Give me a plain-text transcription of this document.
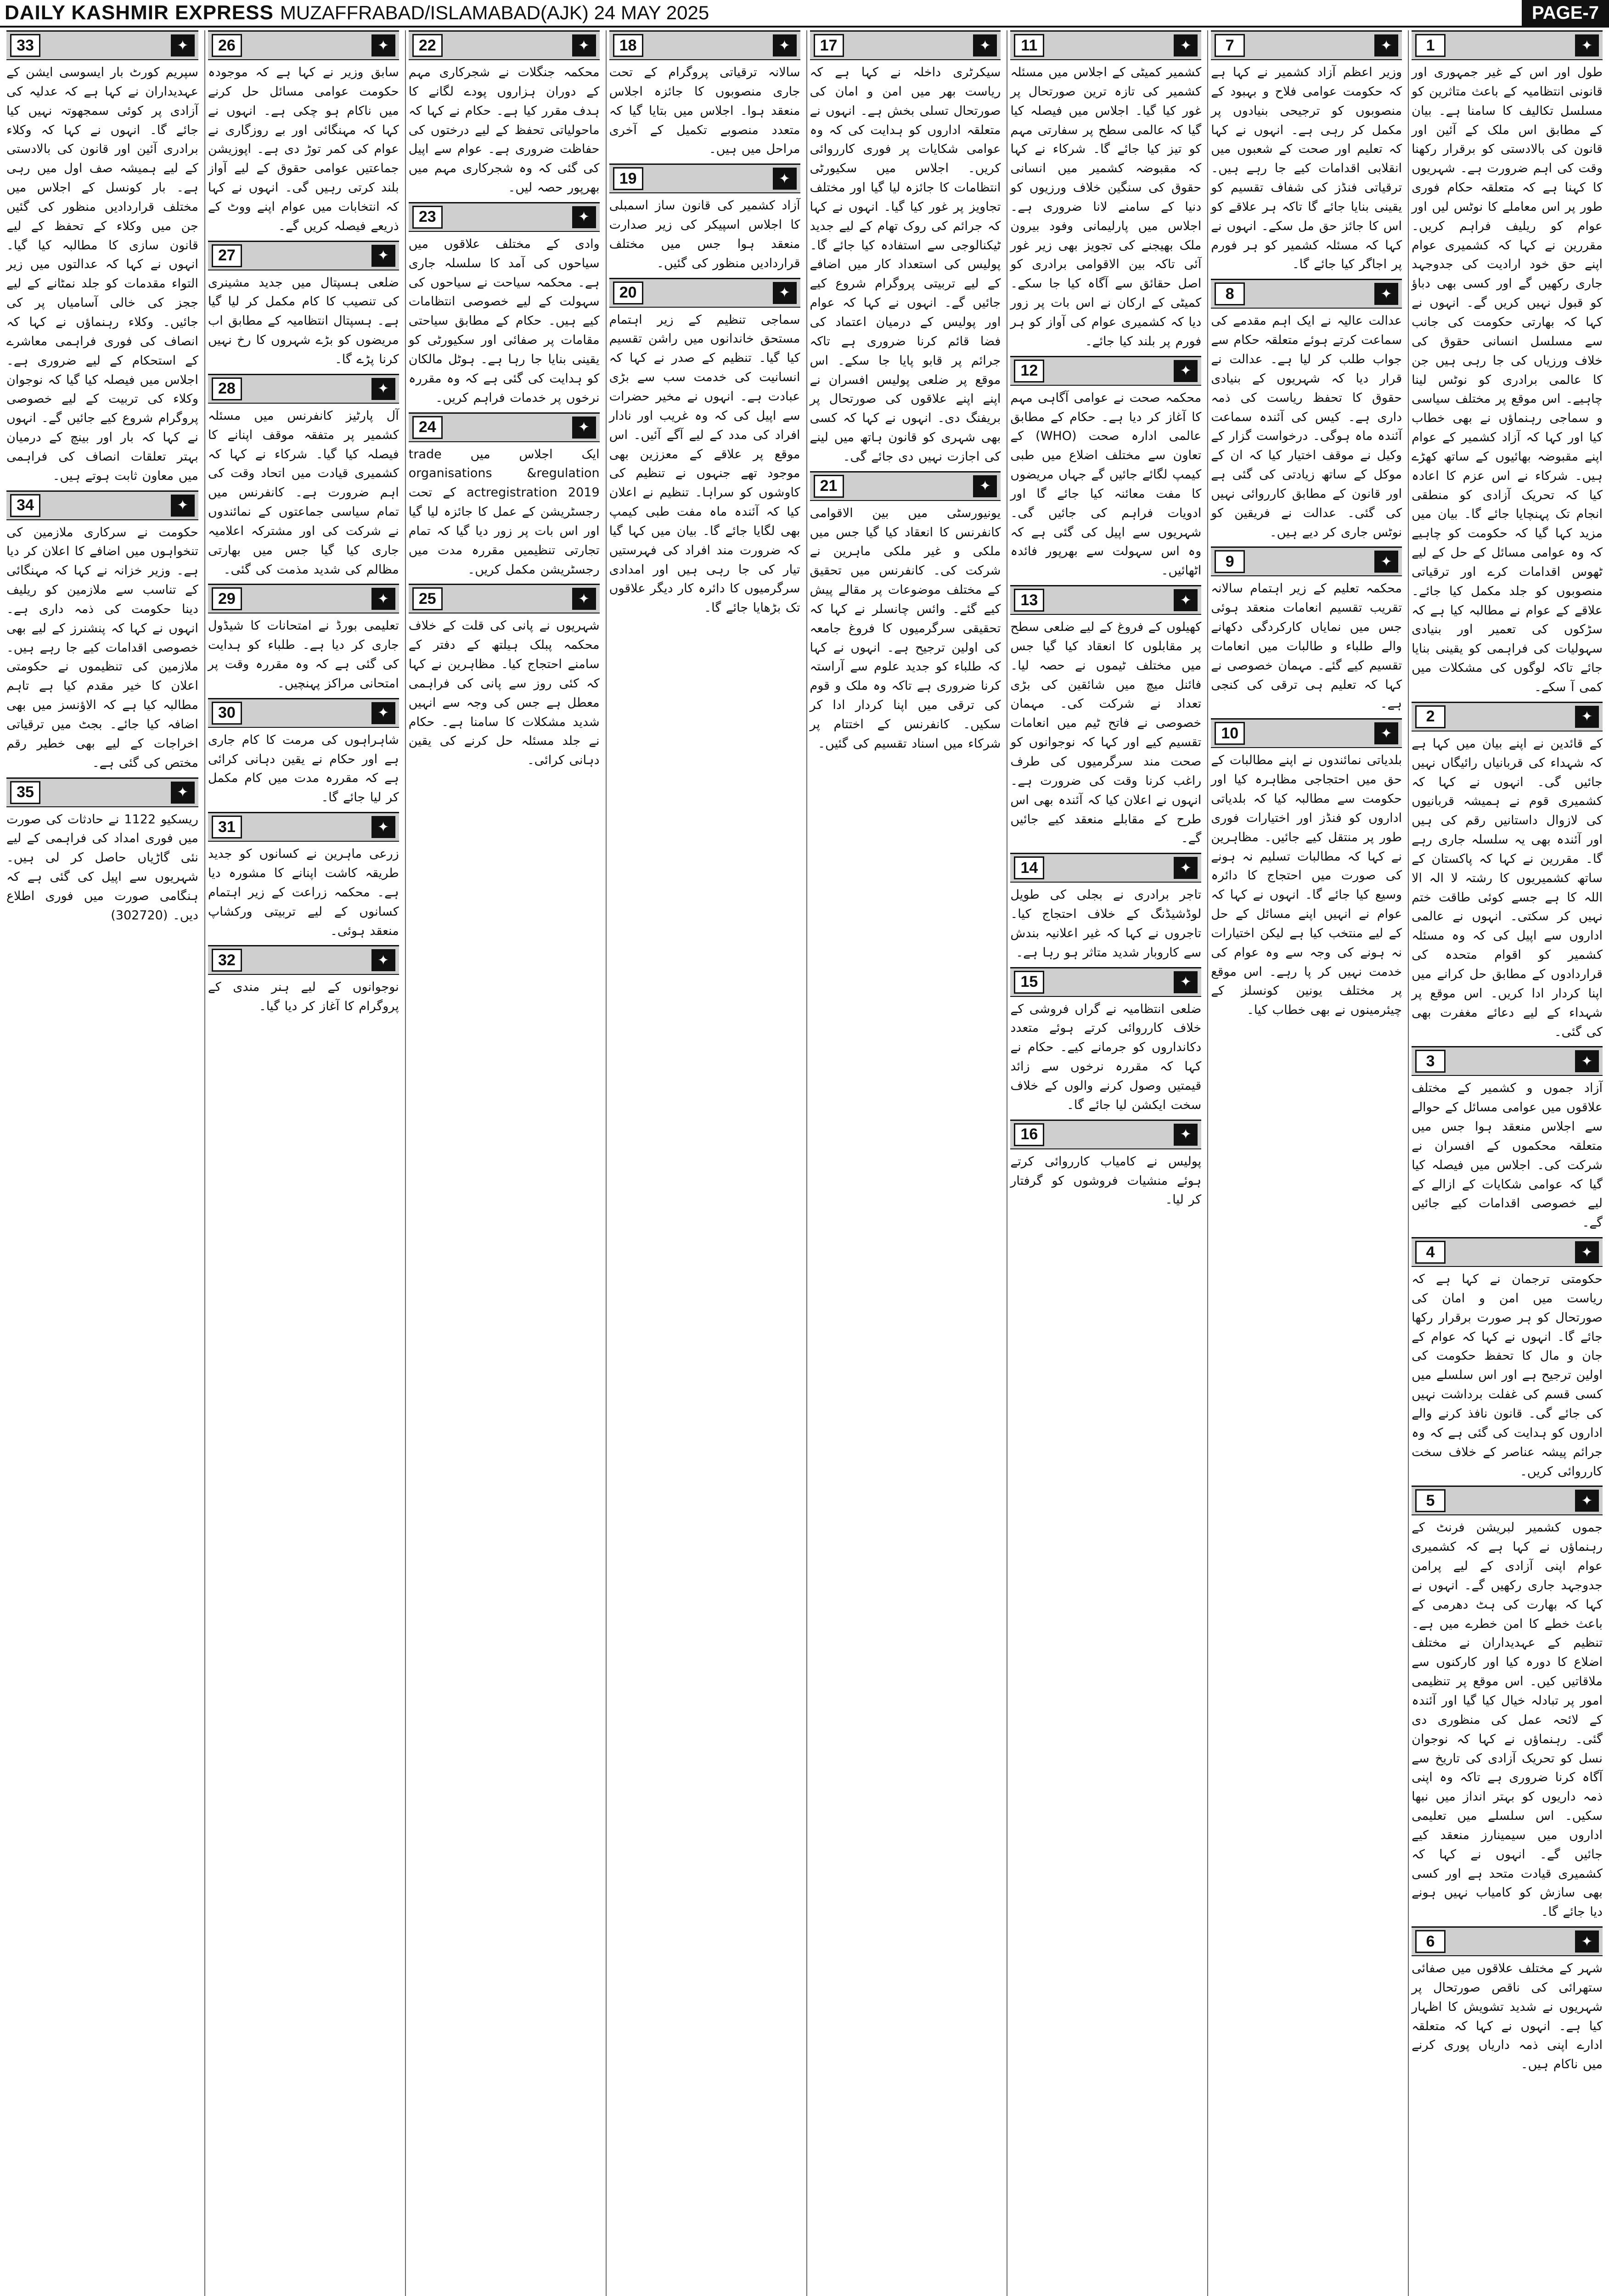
DAILY KASHMIR EXPRESS MUZAFFRABAD/ISLAMABAD(AJK) 24 MAY 2025	PAGE-7
1	✦
طول اور اس کے غیر جمہوری اور قانونی انتظامیہ کے باعث متاثرین کو مسلسل تکالیف کا سامنا ہے۔ بیان کے مطابق اس ملک کے آئین اور قانون کی بالادستی کو برقرار رکھنا وقت کی اہم ضرورت ہے۔ شہریوں کا کہنا ہے کہ متعلقہ حکام فوری طور پر اس معاملے کا نوٹس لیں اور عوام کو ریلیف فراہم کریں۔ مقررین نے کہا کہ کشمیری عوام اپنے حق خود ارادیت کی جدوجہد جاری رکھیں گے اور کسی بھی دباؤ کو قبول نہیں کریں گے۔ انہوں نے کہا کہ بھارتی حکومت کی جانب سے مسلسل انسانی حقوق کی خلاف ورزیاں کی جا رہی ہیں جن کا عالمی برادری کو نوٹس لینا چاہیے۔ اس موقع پر مختلف سیاسی و سماجی رہنماؤں نے بھی خطاب کیا اور کہا کہ آزاد کشمیر کے عوام اپنے مقبوضہ بھائیوں کے ساتھ کھڑے ہیں۔ شرکاء نے اس عزم کا اعادہ کیا کہ تحریک آزادی کو منطقی انجام تک پہنچایا جائے گا۔ بیان میں مزید کہا گیا کہ حکومت کو چاہیے کہ وہ عوامی مسائل کے حل کے لیے ٹھوس اقدامات کرے اور ترقیاتی منصوبوں کو جلد مکمل کیا جائے۔ علاقے کے عوام نے مطالبہ کیا ہے کہ سڑکوں کی تعمیر اور بنیادی سہولیات کی فراہمی کو یقینی بنایا جائے تاکہ لوگوں کی مشکلات میں کمی آ سکے۔
2	✦
کے قائدین نے اپنے بیان میں کہا ہے کہ شہداء کی قربانیاں رائیگاں نہیں جائیں گی۔ انہوں نے کہا کہ کشمیری قوم نے ہمیشہ قربانیوں کی لازوال داستانیں رقم کی ہیں اور آئندہ بھی یہ سلسلہ جاری رہے گا۔ مقررین نے کہا کہ پاکستان کے ساتھ کشمیریوں کا رشتہ لا الہ الا اللہ کا ہے جسے کوئی طاقت ختم نہیں کر سکتی۔ انہوں نے عالمی اداروں سے اپیل کی کہ وہ مسئلہ کشمیر کو اقوام متحدہ کی قراردادوں کے مطابق حل کرانے میں اپنا کردار ادا کریں۔ اس موقع پر شہداء کے لیے دعائے مغفرت بھی کی گئی۔
3	✦
آزاد جموں و کشمیر کے مختلف علاقوں میں عوامی مسائل کے حوالے سے اجلاس منعقد ہوا جس میں متعلقہ محکموں کے افسران نے شرکت کی۔ اجلاس میں فیصلہ کیا گیا کہ عوامی شکایات کے ازالے کے لیے خصوصی اقدامات کیے جائیں گے۔
4	✦
حکومتی ترجمان نے کہا ہے کہ ریاست میں امن و امان کی صورتحال کو ہر صورت برقرار رکھا جائے گا۔ انہوں نے کہا کہ عوام کے جان و مال کا تحفظ حکومت کی اولین ترجیح ہے اور اس سلسلے میں کسی قسم کی غفلت برداشت نہیں کی جائے گی۔ قانون نافذ کرنے والے اداروں کو ہدایت کی گئی ہے کہ وہ جرائم پیشہ عناصر کے خلاف سخت کارروائی کریں۔
5	✦
جموں کشمیر لبریشن فرنٹ کے رہنماؤں نے کہا ہے کہ کشمیری عوام اپنی آزادی کے لیے پرامن جدوجہد جاری رکھیں گے۔ انہوں نے کہا کہ بھارت کی ہٹ دھرمی کے باعث خطے کا امن خطرے میں ہے۔ تنظیم کے عہدیداران نے مختلف اضلاع کا دورہ کیا اور کارکنوں سے ملاقاتیں کیں۔ اس موقع پر تنظیمی امور پر تبادلہ خیال کیا گیا اور آئندہ کے لائحہ عمل کی منظوری دی گئی۔ رہنماؤں نے کہا کہ نوجوان نسل کو تحریک آزادی کی تاریخ سے آگاہ کرنا ضروری ہے تاکہ وہ اپنی ذمہ داریوں کو بہتر انداز میں نبھا سکیں۔ اس سلسلے میں تعلیمی اداروں میں سیمینارز منعقد کیے جائیں گے۔ انہوں نے کہا کہ کشمیری قیادت متحد ہے اور کسی بھی سازش کو کامیاب نہیں ہونے دیا جائے گا۔
6	✦
شہر کے مختلف علاقوں میں صفائی ستھرائی کی ناقص صورتحال پر شہریوں نے شدید تشویش کا اظہار کیا ہے۔ انہوں نے کہا کہ متعلقہ ادارے اپنی ذمہ داریاں پوری کرنے میں ناکام ہیں۔
7	✦
وزیر اعظم آزاد کشمیر نے کہا ہے کہ حکومت عوامی فلاح و بہبود کے منصوبوں کو ترجیحی بنیادوں پر مکمل کر رہی ہے۔ انہوں نے کہا کہ تعلیم اور صحت کے شعبوں میں انقلابی اقدامات کیے جا رہے ہیں۔ ترقیاتی فنڈز کی شفاف تقسیم کو یقینی بنایا جائے گا تاکہ ہر علاقے کو اس کا جائز حق مل سکے۔ انہوں نے کہا کہ مسئلہ کشمیر کو ہر فورم پر اجاگر کیا جائے گا۔
8	✦
عدالت عالیہ نے ایک اہم مقدمے کی سماعت کرتے ہوئے متعلقہ حکام سے جواب طلب کر لیا ہے۔ عدالت نے قرار دیا کہ شہریوں کے بنیادی حقوق کا تحفظ ریاست کی ذمہ داری ہے۔ کیس کی آئندہ سماعت آئندہ ماہ ہوگی۔ درخواست گزار کے وکیل نے موقف اختیار کیا کہ ان کے موکل کے ساتھ زیادتی کی گئی ہے اور قانون کے مطابق کارروائی نہیں کی گئی۔ عدالت نے فریقین کو نوٹس جاری کر دیے ہیں۔
9	✦
محکمہ تعلیم کے زیر اہتمام سالانہ تقریب تقسیم انعامات منعقد ہوئی جس میں نمایاں کارکردگی دکھانے والے طلباء و طالبات میں انعامات تقسیم کیے گئے۔ مہمان خصوصی نے کہا کہ تعلیم ہی ترقی کی کنجی ہے۔
10	✦
بلدیاتی نمائندوں نے اپنے مطالبات کے حق میں احتجاجی مظاہرہ کیا اور حکومت سے مطالبہ کیا کہ بلدیاتی اداروں کو فنڈز اور اختیارات فوری طور پر منتقل کیے جائیں۔ مظاہرین نے کہا کہ مطالبات تسلیم نہ ہونے کی صورت میں احتجاج کا دائرہ وسیع کیا جائے گا۔ انہوں نے کہا کہ عوام نے انہیں اپنے مسائل کے حل کے لیے منتخب کیا ہے لیکن اختیارات نہ ہونے کی وجہ سے وہ عوام کی خدمت نہیں کر پا رہے۔ اس موقع پر مختلف یونین کونسلز کے چیئرمینوں نے بھی خطاب کیا۔
11	✦
کشمیر کمیٹی کے اجلاس میں مسئلہ کشمیر کی تازہ ترین صورتحال پر غور کیا گیا۔ اجلاس میں فیصلہ کیا گیا کہ عالمی سطح پر سفارتی مہم کو تیز کیا جائے گا۔ شرکاء نے کہا کہ مقبوضہ کشمیر میں انسانی حقوق کی سنگین خلاف ورزیوں کو دنیا کے سامنے لانا ضروری ہے۔ اجلاس میں پارلیمانی وفود بیرون ملک بھیجنے کی تجویز بھی زیر غور آئی تاکہ بین الاقوامی برادری کو اصل حقائق سے آگاہ کیا جا سکے۔ کمیٹی کے ارکان نے اس بات پر زور دیا کہ کشمیری عوام کی آواز کو ہر فورم پر بلند کیا جائے۔
12	✦
محکمہ صحت نے عوامی آگاہی مہم کا آغاز کر دیا ہے۔ حکام کے مطابق عالمی ادارہ صحت (WHO) کے تعاون سے مختلف اضلاع میں طبی کیمپ لگائے جائیں گے جہاں مریضوں کا مفت معائنہ کیا جائے گا اور ادویات فراہم کی جائیں گی۔ شہریوں سے اپیل کی گئی ہے کہ وہ اس سہولت سے بھرپور فائدہ اٹھائیں۔
13	✦
کھیلوں کے فروغ کے لیے ضلعی سطح پر مقابلوں کا انعقاد کیا گیا جس میں مختلف ٹیموں نے حصہ لیا۔ فائنل میچ میں شائقین کی بڑی تعداد نے شرکت کی۔ مہمان خصوصی نے فاتح ٹیم میں انعامات تقسیم کیے اور کہا کہ نوجوانوں کو صحت مند سرگرمیوں کی طرف راغب کرنا وقت کی ضرورت ہے۔ انہوں نے اعلان کیا کہ آئندہ بھی اس طرح کے مقابلے منعقد کیے جائیں گے۔
14	✦
تاجر برادری نے بجلی کی طویل لوڈشیڈنگ کے خلاف احتجاج کیا۔ تاجروں نے کہا کہ غیر اعلانیہ بندش سے کاروبار شدید متاثر ہو رہا ہے۔
15	✦
ضلعی انتظامیہ نے گراں فروشی کے خلاف کارروائی کرتے ہوئے متعدد دکانداروں کو جرمانے کیے۔ حکام نے کہا کہ مقررہ نرخوں سے زائد قیمتیں وصول کرنے والوں کے خلاف سخت ایکشن لیا جائے گا۔
16	✦
پولیس نے کامیاب کارروائی کرتے ہوئے منشیات فروشوں کو گرفتار کر لیا۔
17	✦
سیکرٹری داخلہ نے کہا ہے کہ ریاست بھر میں امن و امان کی صورتحال تسلی بخش ہے۔ انہوں نے متعلقہ اداروں کو ہدایت کی کہ وہ عوامی شکایات پر فوری کارروائی کریں۔ اجلاس میں سکیورٹی انتظامات کا جائزہ لیا گیا اور مختلف تجاویز پر غور کیا گیا۔ انہوں نے کہا کہ جرائم کی روک تھام کے لیے جدید ٹیکنالوجی سے استفادہ کیا جائے گا۔ پولیس کی استعداد کار میں اضافے کے لیے تربیتی پروگرام شروع کیے جائیں گے۔ انہوں نے کہا کہ عوام اور پولیس کے درمیان اعتماد کی فضا قائم کرنا ضروری ہے تاکہ جرائم پر قابو پایا جا سکے۔ اس موقع پر ضلعی پولیس افسران نے اپنے اپنے علاقوں کی صورتحال پر بریفنگ دی۔ انہوں نے کہا کہ کسی بھی شہری کو قانون ہاتھ میں لینے کی اجازت نہیں دی جائے گی۔
21	✦
یونیورسٹی میں بین الاقوامی کانفرنس کا انعقاد کیا گیا جس میں ملکی و غیر ملکی ماہرین نے شرکت کی۔ کانفرنس میں تحقیق کے مختلف موضوعات پر مقالے پیش کیے گئے۔ وائس چانسلر نے کہا کہ تحقیقی سرگرمیوں کا فروغ جامعہ کی اولین ترجیح ہے۔ انہوں نے کہا کہ طلباء کو جدید علوم سے آراستہ کرنا ضروری ہے تاکہ وہ ملک و قوم کی ترقی میں اپنا کردار ادا کر سکیں۔ کانفرنس کے اختتام پر شرکاء میں اسناد تقسیم کی گئیں۔
18	✦
سالانہ ترقیاتی پروگرام کے تحت جاری منصوبوں کا جائزہ اجلاس منعقد ہوا۔ اجلاس میں بتایا گیا کہ متعدد منصوبے تکمیل کے آخری مراحل میں ہیں۔
19	✦
آزاد کشمیر کی قانون ساز اسمبلی کا اجلاس اسپیکر کی زیر صدارت منعقد ہوا جس میں مختلف قراردادیں منظور کی گئیں۔
20	✦
سماجی تنظیم کے زیر اہتمام مستحق خاندانوں میں راشن تقسیم کیا گیا۔ تنظیم کے صدر نے کہا کہ انسانیت کی خدمت سب سے بڑی عبادت ہے۔ انہوں نے مخیر حضرات سے اپیل کی کہ وہ غریب اور نادار افراد کی مدد کے لیے آگے آئیں۔ اس موقع پر علاقے کے معززین بھی موجود تھے جنہوں نے تنظیم کی کاوشوں کو سراہا۔ تنظیم نے اعلان کیا کہ آئندہ ماہ مفت طبی کیمپ بھی لگایا جائے گا۔ بیان میں کہا گیا کہ ضرورت مند افراد کی فہرستیں تیار کی جا رہی ہیں اور امدادی سرگرمیوں کا دائرہ کار دیگر علاقوں تک بڑھایا جائے گا۔
22	✦
محکمہ جنگلات نے شجرکاری مہم کے دوران ہزاروں پودے لگانے کا ہدف مقرر کیا ہے۔ حکام نے کہا کہ ماحولیاتی تحفظ کے لیے درختوں کی حفاظت ضروری ہے۔ عوام سے اپیل کی گئی کہ وہ شجرکاری مہم میں بھرپور حصہ لیں۔
23	✦
وادی کے مختلف علاقوں میں سیاحوں کی آمد کا سلسلہ جاری ہے۔ محکمہ سیاحت نے سیاحوں کی سہولت کے لیے خصوصی انتظامات کیے ہیں۔ حکام کے مطابق سیاحتی مقامات پر صفائی اور سکیورٹی کو یقینی بنایا جا رہا ہے۔ ہوٹل مالکان کو ہدایت کی گئی ہے کہ وہ مقررہ نرخوں پر خدمات فراہم کریں۔
24	✦
ایک اجلاس میں trade organisations &regulation actregistration 2019 کے تحت رجسٹریشن کے عمل کا جائزہ لیا گیا اور اس بات پر زور دیا گیا کہ تمام تجارتی تنظیمیں مقررہ مدت میں رجسٹریشن مکمل کریں۔
25	✦
شہریوں نے پانی کی قلت کے خلاف محکمہ پبلک ہیلتھ کے دفتر کے سامنے احتجاج کیا۔ مظاہرین نے کہا کہ کئی روز سے پانی کی فراہمی معطل ہے جس کی وجہ سے انہیں شدید مشکلات کا سامنا ہے۔ حکام نے جلد مسئلہ حل کرنے کی یقین دہانی کرائی۔
26	✦
سابق وزیر نے کہا ہے کہ موجودہ حکومت عوامی مسائل حل کرنے میں ناکام ہو چکی ہے۔ انہوں نے کہا کہ مہنگائی اور بے روزگاری نے عوام کی کمر توڑ دی ہے۔ اپوزیشن جماعتیں عوامی حقوق کے لیے آواز بلند کرتی رہیں گی۔ انہوں نے کہا کہ انتخابات میں عوام اپنے ووٹ کے ذریعے فیصلہ کریں گے۔
27	✦
ضلعی ہسپتال میں جدید مشینری کی تنصیب کا کام مکمل کر لیا گیا ہے۔ ہسپتال انتظامیہ کے مطابق اب مریضوں کو بڑے شہروں کا رخ نہیں کرنا پڑے گا۔
28	✦
آل پارٹیز کانفرنس میں مسئلہ کشمیر پر متفقہ موقف اپنانے کا فیصلہ کیا گیا۔ شرکاء نے کہا کہ کشمیری قیادت میں اتحاد وقت کی اہم ضرورت ہے۔ کانفرنس میں تمام سیاسی جماعتوں کے نمائندوں نے شرکت کی اور مشترکہ اعلامیہ جاری کیا گیا جس میں بھارتی مظالم کی شدید مذمت کی گئی۔
29	✦
تعلیمی بورڈ نے امتحانات کا شیڈول جاری کر دیا ہے۔ طلباء کو ہدایت کی گئی ہے کہ وہ مقررہ وقت پر امتحانی مراکز پہنچیں۔
30	✦
شاہراہوں کی مرمت کا کام جاری ہے اور حکام نے یقین دہانی کرائی ہے کہ مقررہ مدت میں کام مکمل کر لیا جائے گا۔
31	✦
زرعی ماہرین نے کسانوں کو جدید طریقہ کاشت اپنانے کا مشورہ دیا ہے۔ محکمہ زراعت کے زیر اہتمام کسانوں کے لیے تربیتی ورکشاپ منعقد ہوئی۔
32	✦
نوجوانوں کے لیے ہنر مندی کے پروگرام کا آغاز کر دیا گیا۔
33	✦
سپریم کورٹ بار ایسوسی ایشن کے عہدیداران نے کہا ہے کہ عدلیہ کی آزادی پر کوئی سمجھوتہ نہیں کیا جائے گا۔ انہوں نے کہا کہ وکلاء برادری آئین اور قانون کی بالادستی کے لیے ہمیشہ صف اول میں رہی ہے۔ بار کونسل کے اجلاس میں مختلف قراردادیں منظور کی گئیں جن میں وکلاء کے تحفظ کے لیے قانون سازی کا مطالبہ کیا گیا۔ انہوں نے کہا کہ عدالتوں میں زیر التواء مقدمات کو جلد نمٹانے کے لیے ججز کی خالی آسامیاں پر کی جائیں۔ وکلاء رہنماؤں نے کہا کہ انصاف کی فوری فراہمی معاشرے کے استحکام کے لیے ضروری ہے۔ اجلاس میں فیصلہ کیا گیا کہ نوجوان وکلاء کی تربیت کے لیے خصوصی پروگرام شروع کیے جائیں گے۔ انہوں نے کہا کہ بار اور بینچ کے درمیان بہتر تعلقات انصاف کی فراہمی میں معاون ثابت ہوتے ہیں۔
34	✦
حکومت نے سرکاری ملازمین کی تنخواہوں میں اضافے کا اعلان کر دیا ہے۔ وزیر خزانہ نے کہا کہ مہنگائی کے تناسب سے ملازمین کو ریلیف دینا حکومت کی ذمہ داری ہے۔ انہوں نے کہا کہ پنشنرز کے لیے بھی خصوصی اقدامات کیے جا رہے ہیں۔ ملازمین کی تنظیموں نے حکومتی اعلان کا خیر مقدم کیا ہے تاہم مطالبہ کیا ہے کہ الاؤنسز میں بھی اضافہ کیا جائے۔ بجٹ میں ترقیاتی اخراجات کے لیے بھی خطیر رقم مختص کی گئی ہے۔
35	✦
ریسکیو 1122 نے حادثات کی صورت میں فوری امداد کی فراہمی کے لیے نئی گاڑیاں حاصل کر لی ہیں۔ شہریوں سے اپیل کی گئی ہے کہ ہنگامی صورت میں فوری اطلاع دیں۔ (302720)
